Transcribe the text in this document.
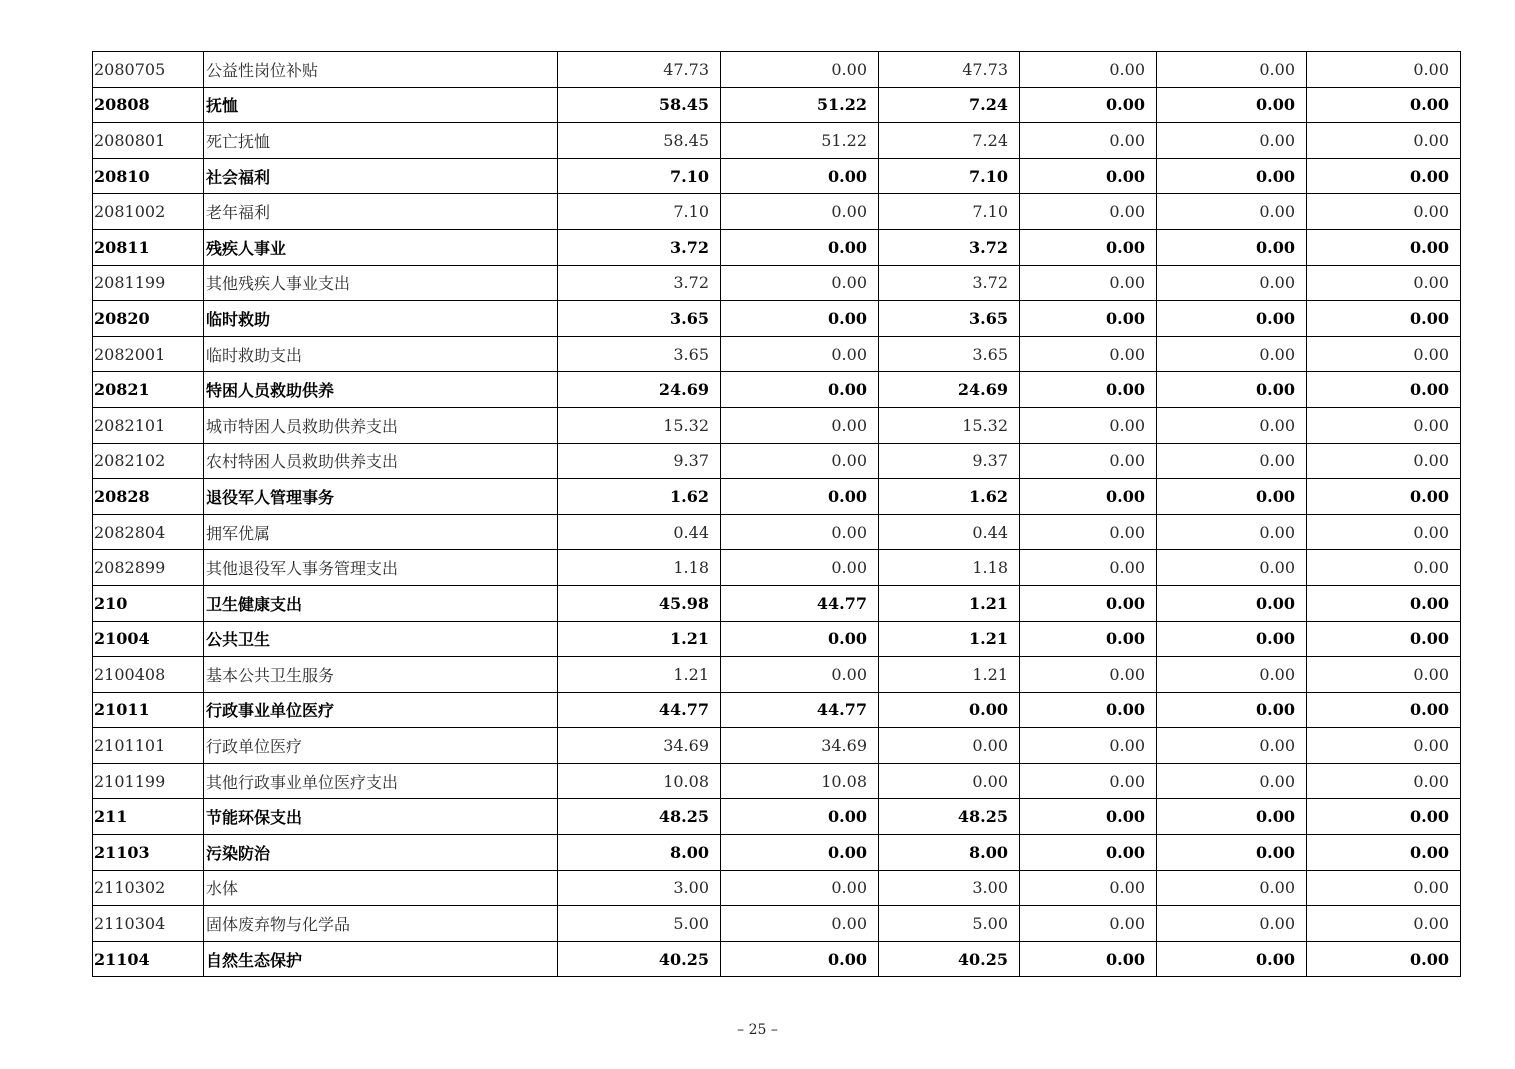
2080705	公益性岗位补贴	47.73	0.00	47.73	0.00	0.00	0.00
20808	抚恤	58.45	51.22	7.24	0.00	0.00	0.00
2080801	死亡抚恤	58.45	51.22	7.24	0.00	0.00	0.00
20810	社会福利	7.10	0.00	7.10	0.00	0.00	0.00
2081002	老年福利	7.10	0.00	7.10	0.00	0.00	0.00
20811	残疾人事业	3.72	0.00	3.72	0.00	0.00	0.00
2081199	其他残疾人事业支出	3.72	0.00	3.72	0.00	0.00	0.00
20820	临时救助	3.65	0.00	3.65	0.00	0.00	0.00
2082001	临时救助支出	3.65	0.00	3.65	0.00	0.00	0.00
20821	特困人员救助供养	24.69	0.00	24.69	0.00	0.00	0.00
2082101	城市特困人员救助供养支出	15.32	0.00	15.32	0.00	0.00	0.00
2082102	农村特困人员救助供养支出	9.37	0.00	9.37	0.00	0.00	0.00
20828	退役军人管理事务	1.62	0.00	1.62	0.00	0.00	0.00
2082804	拥军优属	0.44	0.00	0.44	0.00	0.00	0.00
2082899	其他退役军人事务管理支出	1.18	0.00	1.18	0.00	0.00	0.00
210	卫生健康支出	45.98	44.77	1.21	0.00	0.00	0.00
21004	公共卫生	1.21	0.00	1.21	0.00	0.00	0.00
2100408	基本公共卫生服务	1.21	0.00	1.21	0.00	0.00	0.00
21011	行政事业单位医疗	44.77	44.77	0.00	0.00	0.00	0.00
2101101	行政单位医疗	34.69	34.69	0.00	0.00	0.00	0.00
2101199	其他行政事业单位医疗支出	10.08	10.08	0.00	0.00	0.00	0.00
211	节能环保支出	48.25	0.00	48.25	0.00	0.00	0.00
21103	污染防治	8.00	0.00	8.00	0.00	0.00	0.00
2110302	水体	3.00	0.00	3.00	0.00	0.00	0.00
2110304	固体废弃物与化学品	5.00	0.00	5.00	0.00	0.00	0.00
21104	自然生态保护	40.25	0.00	40.25	0.00	0.00	0.00
– 25 –
